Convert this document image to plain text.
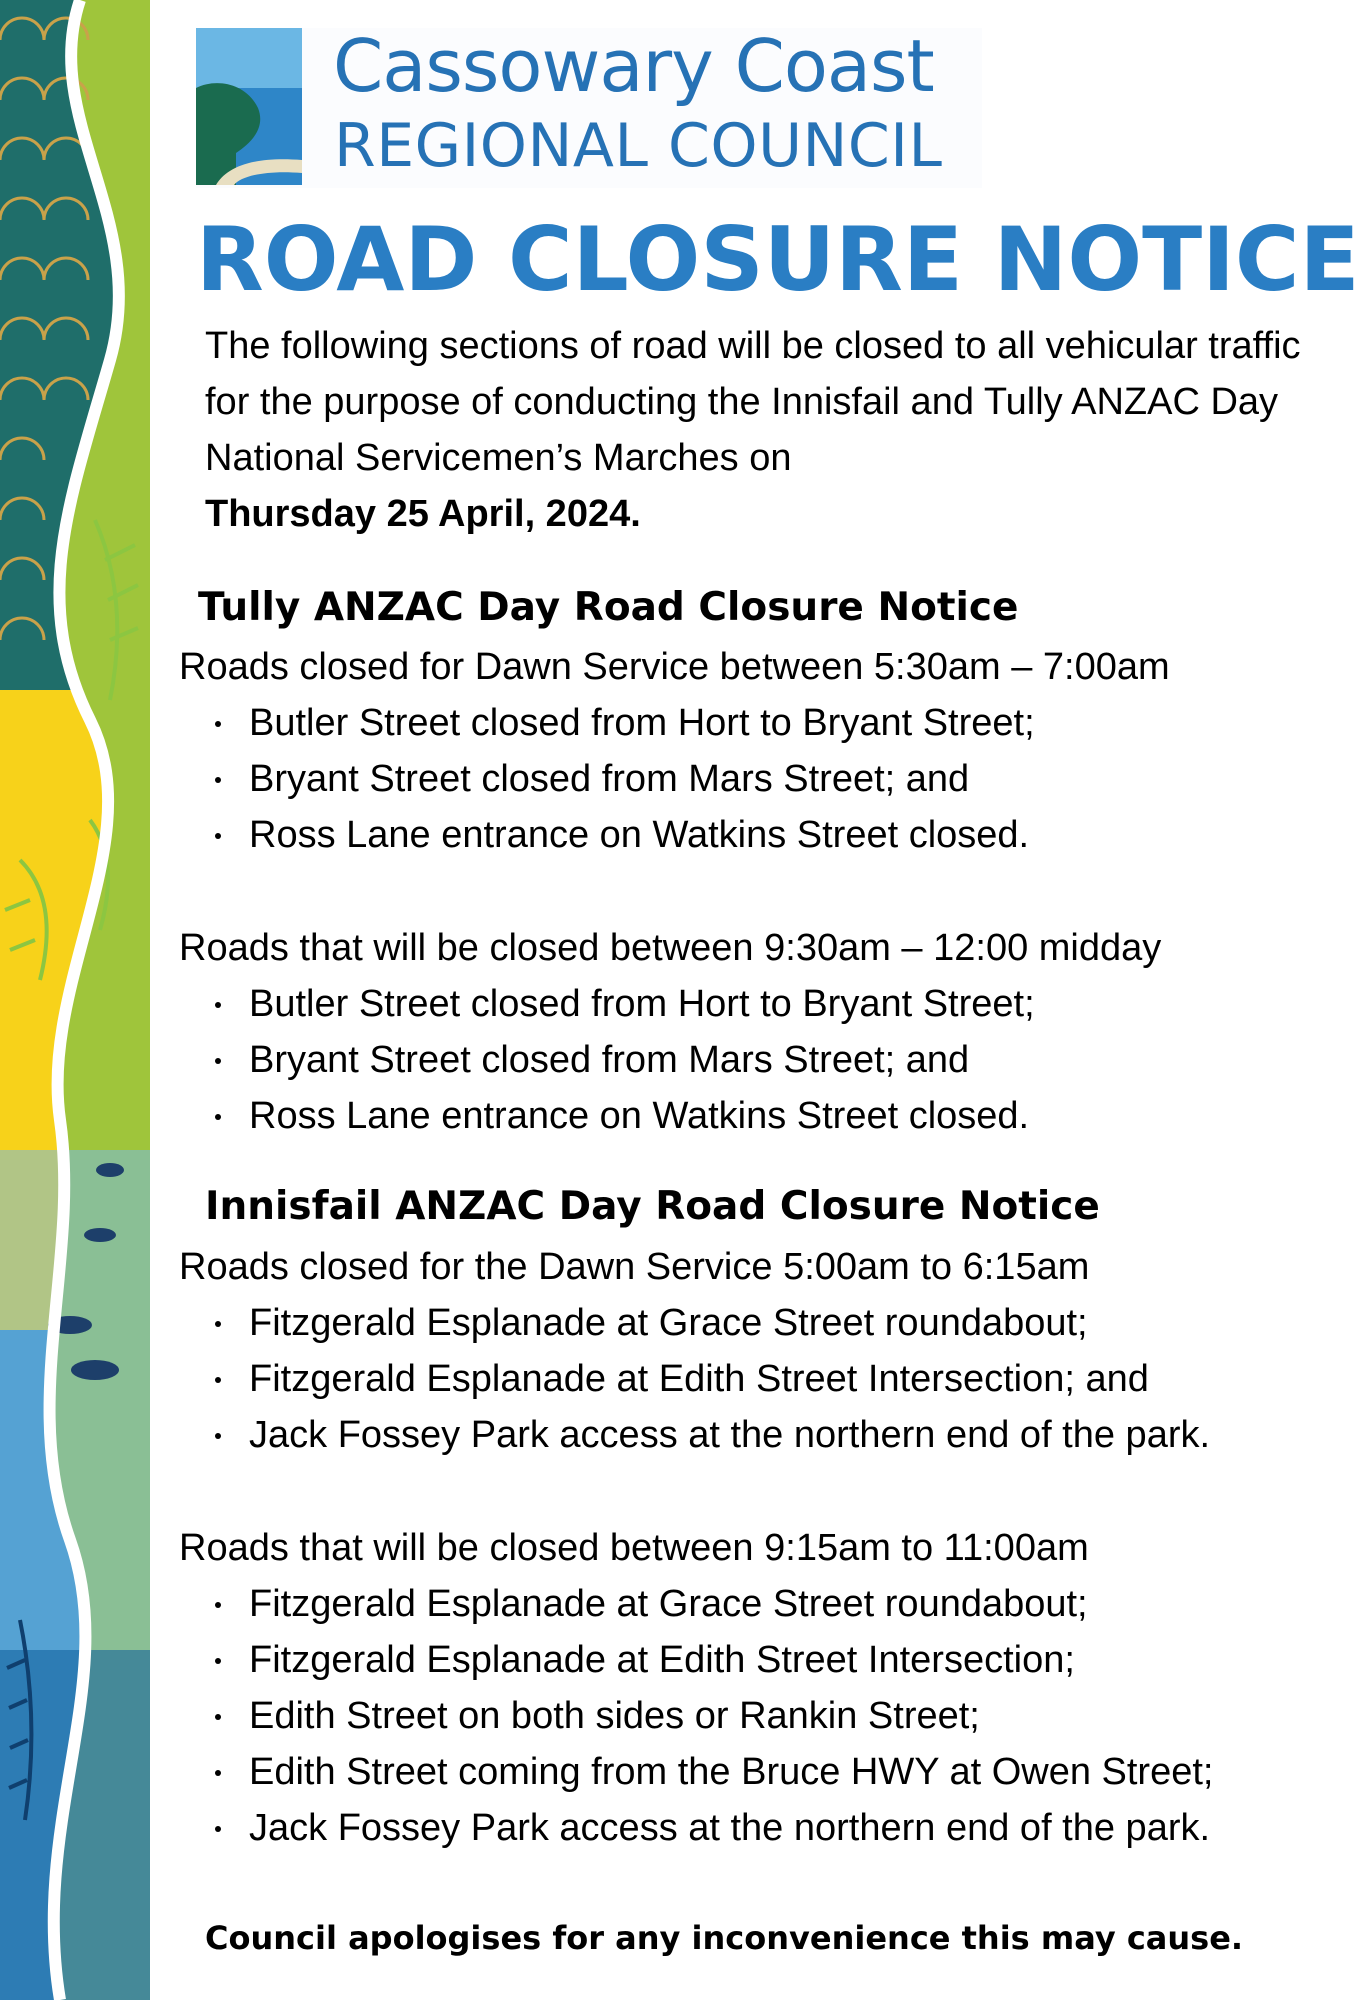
Cassowary Coast
REGIONAL COUNCIL
ROAD CLOSURE NOTICE
The following sections of road will be closed to all vehicular traffic for the purpose of conducting the Innisfail and Tully ANZAC Day National Servicemen’s Marches on
Thursday 25 April, 2024.
Tully ANZAC Day Road Closure Notice

Roads closed for Dawn Service between 5:30am – 7:00am

Butler Street closed from Hort to Bryant Street;
Bryant Street closed from Mars Street; and
Ross Lane entrance on Watkins Street closed.

Roads that will be closed between 9:30am – 12:00 midday

Butler Street closed from Hort to Bryant Street;
Bryant Street closed from Mars Street; and
Ross Lane entrance on Watkins Street closed.
Innisfail ANZAC Day Road Closure Notice

Roads closed for the Dawn Service 5:00am to 6:15am

Fitzgerald Esplanade at Grace Street roundabout;
Fitzgerald Esplanade at Edith Street Intersection; and
Jack Fossey Park access at the northern end of the park.

Roads that will be closed between 9:15am to 11:00am

Fitzgerald Esplanade at Grace Street roundabout;
Fitzgerald Esplanade at Edith Street Intersection;
Edith Street on both sides or Rankin Street;
Edith Street coming from the Bruce HWY at Owen Street;
Jack Fossey Park access at the northern end of the park.
Council apologises for any inconvenience this may cause.
